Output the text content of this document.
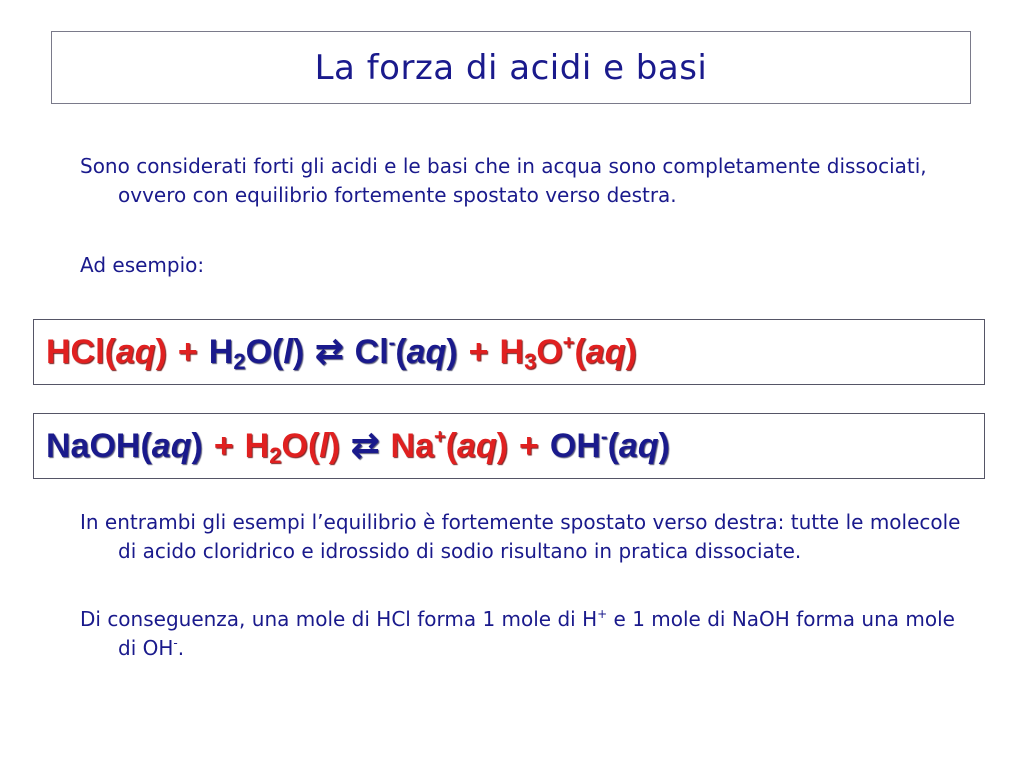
La forza di acidi e basi

Sono considerati forti gli acidi e le basi che in acqua sono completamente dissociati, ovvero con equilibrio fortemente spostato verso destra.

Ad esempio:

$HCl(aq) + H_2O(l)$ ⇄ $Cl^-(aq) + H_3O^+(aq)$
NaOH(aq) + $H_2O(l)$ ⇄ Na+(aq) + OH-(aq)

In entrambi gli esempi l’equilibrio è fortemente spostato verso destra: tutte le molecole di acido cloridrico e idrossido di sodio risultano in pratica dissociate.

Di conseguenza, una mole di HCl forma 1 mole di H+ e 1 mole di NaOH forma una mole di OH-.
